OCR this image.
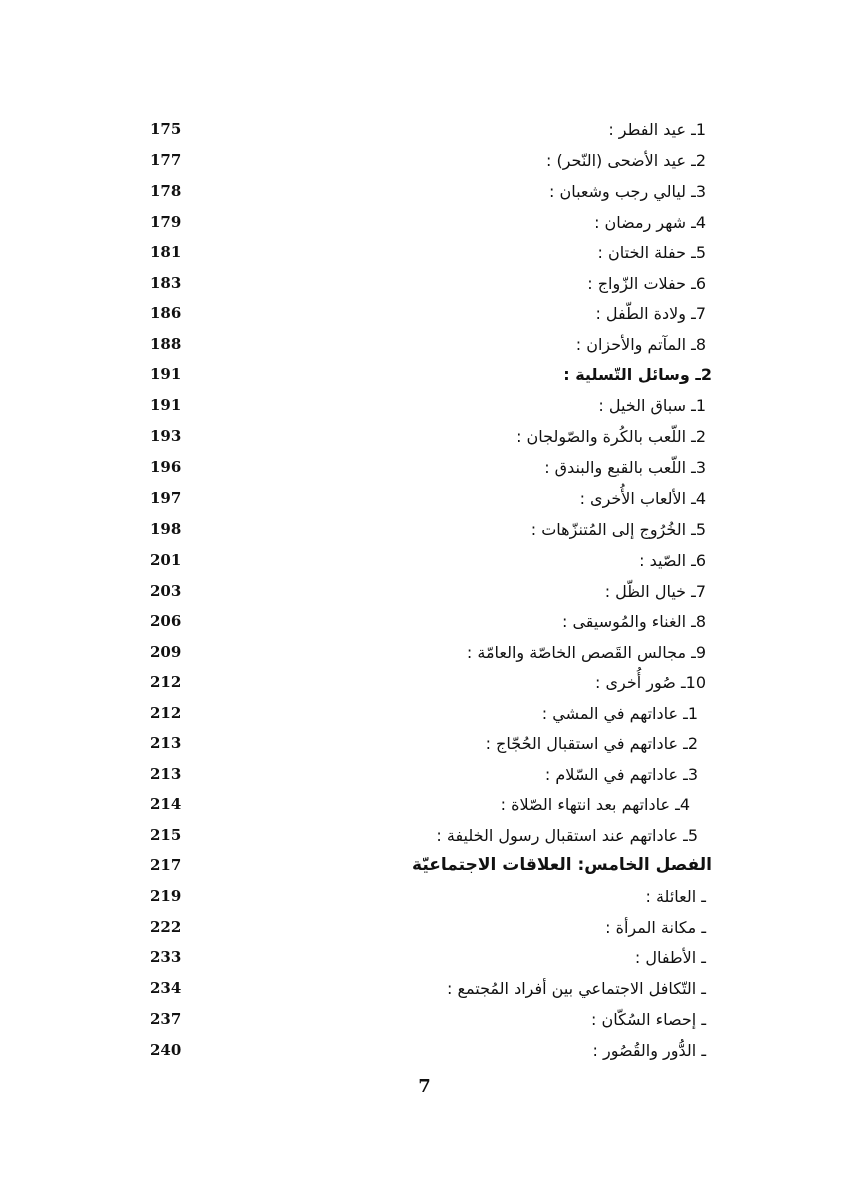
1ـ عيد الفطر :
175
2ـ عيد الأضحى (النّحر) :
177
3ـ ليالي رجب وشعبان :
178
4ـ شهر رمضان :
179
5ـ حفلة الختان :
181
6ـ حفلات الزّواج :
183
7ـ ولادة الطّفل :
186
8ـ المآتم والأحزان :
188
2ـ وسائل التّسلية :
191
1ـ سباق الخيل :
191
2ـ اللّعب بالكُرة والصّولجان :
193
3ـ اللّعب بالقبع والبندق :
196
4ـ الألعاب الأُخرى :
197
5ـ الخُرُوج إلى المُتنزّهات :
198
6ـ الصّيد :
201
7ـ خيال الظّل :
203
8ـ الغناء والمُوسيقى :
206
9ـ مجالس القَصص الخاصّة والعامّة :
209
10ـ صُور أُخرى :
212
1ـ عاداتهم في المشي :
212
2ـ عاداتهم في استقبال الحُجّاج :
213
3ـ عاداتهم في السّلام :
213
4ـ عاداتهم بعد انتهاء الصّلاة :
214
5ـ عاداتهم عند استقبال رسول الخليفة :
215
الفصل الخامس: العلاقات الاجتماعيّة
217
ـ العائلة :
219
ـ مكانة المرأة :
222
ـ الأطفال :
233
ـ التّكافل الاجتماعي بين أفراد المُجتمع :
234
ـ إحصاء السُكّان :
237
ـ الدُّور والقُصُور :
240
7
